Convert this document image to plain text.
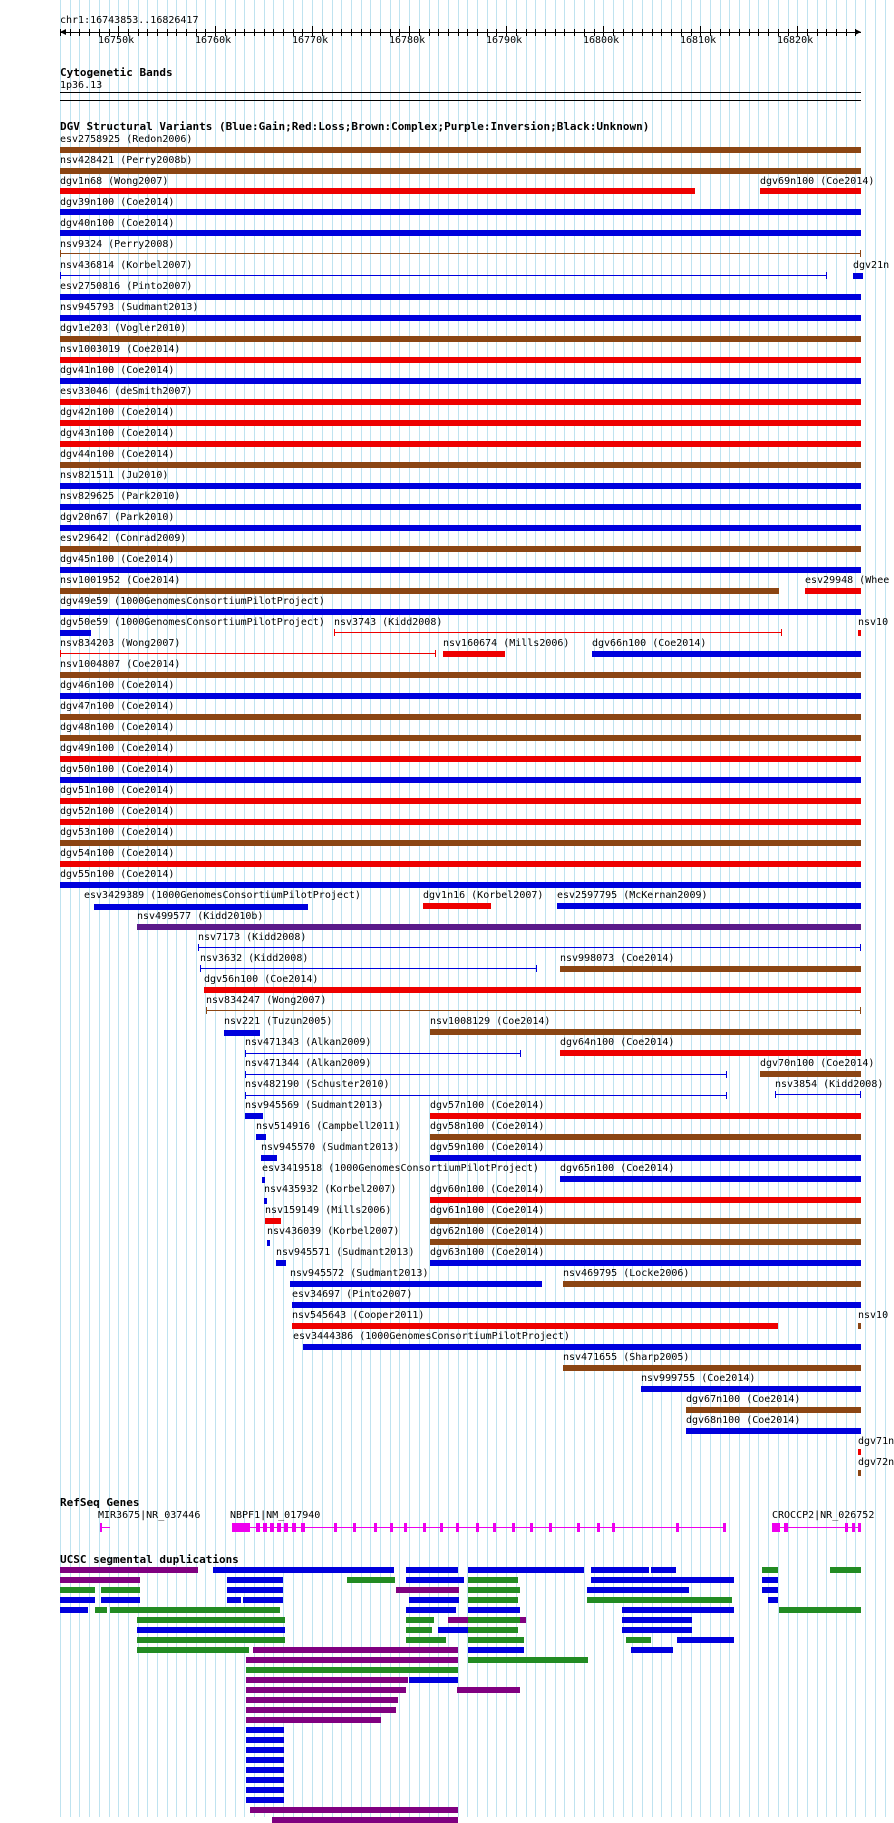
chr1:16743853..16826417
16750k	16760k	16770k	16780k	16790k	16800k	16810k	16820k
Cytogenetic Bands
1p36.13
DGV Structural Variants (Blue:Gain;Red:Loss;Brown:Complex;Purple:Inversion;Black:Unknown)
esv2758925 (Redon2006)
nsv428421 (Perry2008b)
dgv1n68 (Wong2007)	dgv69n100 (Coe2014)
dgv39n100 (Coe2014)
dgv40n100 (Coe2014)
nsv9324 (Perry2008)
nsv436814 (Korbel2007)	dgv21n
esv2750816 (Pinto2007)
nsv945793 (Sudmant2013)
dgv1e203 (Vogler2010)
nsv1003019 (Coe2014)
dgv41n100 (Coe2014)
esv33046 (deSmith2007)
dgv42n100 (Coe2014)
dgv43n100 (Coe2014)
dgv44n100 (Coe2014)
nsv821511 (Ju2010)
nsv829625 (Park2010)
dgv20n67 (Park2010)
esv29642 (Conrad2009)
dgv45n100 (Coe2014)
nsv1001952 (Coe2014)	esv29948 (Whee
dgv49e59 (1000GenomesConsortiumPilotProject)
dgv50e59 (1000GenomesConsortiumPilotProject) nsv3743 (Kidd2008)	nsv10
nsv834203 (Wong2007)	nsv160674 (Mills2006) dgv66n100 (Coe2014)
nsv1004807 (Coe2014)
dgv46n100 (Coe2014)
dgv47n100 (Coe2014)
dgv48n100 (Coe2014)
dgv49n100 (Coe2014)
dgv50n100 (Coe2014)
dgv51n100 (Coe2014)
dgv52n100 (Coe2014)
dgv53n100 (Coe2014)
dgv54n100 (Coe2014)
dgv55n100 (Coe2014)
esv3429389 (1000GenomesConsortiumPilotProject)	dgv1n16 (Korbel2007) esv2597795 (McKernan2009)
nsv499577 (Kidd2010b)
nsv7173 (Kidd2008)
nsv3632 (Kidd2008)	nsv998073 (Coe2014)
dgv56n100 (Coe2014)
nsv834247 (Wong2007)
nsv221 (Tuzun2005)	nsv1008129 (Coe2014)
nsv471343 (Alkan2009)	dgv64n100 (Coe2014)
nsv471344 (Alkan2009)	dgv70n100 (Coe2014)
nsv482190 (Schuster2010)	nsv3854 (Kidd2008)
nsv945569 (Sudmant2013)	dgv57n100 (Coe2014)
nsv514916 (Campbell2011)	dgv58n100 (Coe2014)
nsv945570 (Sudmant2013)	dgv59n100 (Coe2014)
esv3419518 (1000GenomesConsortiumPilotProject) dgv65n100 (Coe2014)
nsv435932 (Korbel2007)	dgv60n100 (Coe2014)
nsv159149 (Mills2006)	dgv61n100 (Coe2014)
nsv436039 (Korbel2007)	dgv62n100 (Coe2014)
nsv945571 (Sudmant2013) dgv63n100 (Coe2014)
nsv945572 (Sudmant2013)	nsv469795 (Locke2006)
esv34697 (Pinto2007)
nsv545643 (Cooper2011)	nsv10
esv3444386 (1000GenomesConsortiumPilotProject)
nsv471655 (Sharp2005)
nsv999755 (Coe2014)
dgv67n100 (Coe2014)
dgv68n100 (Coe2014)
dgv71n
dgv72n
RefSeq Genes
MIR3675|NR_037446	NBPF1|NM_017940	CROCCP2|NR_026752
UCSC segmental duplications
